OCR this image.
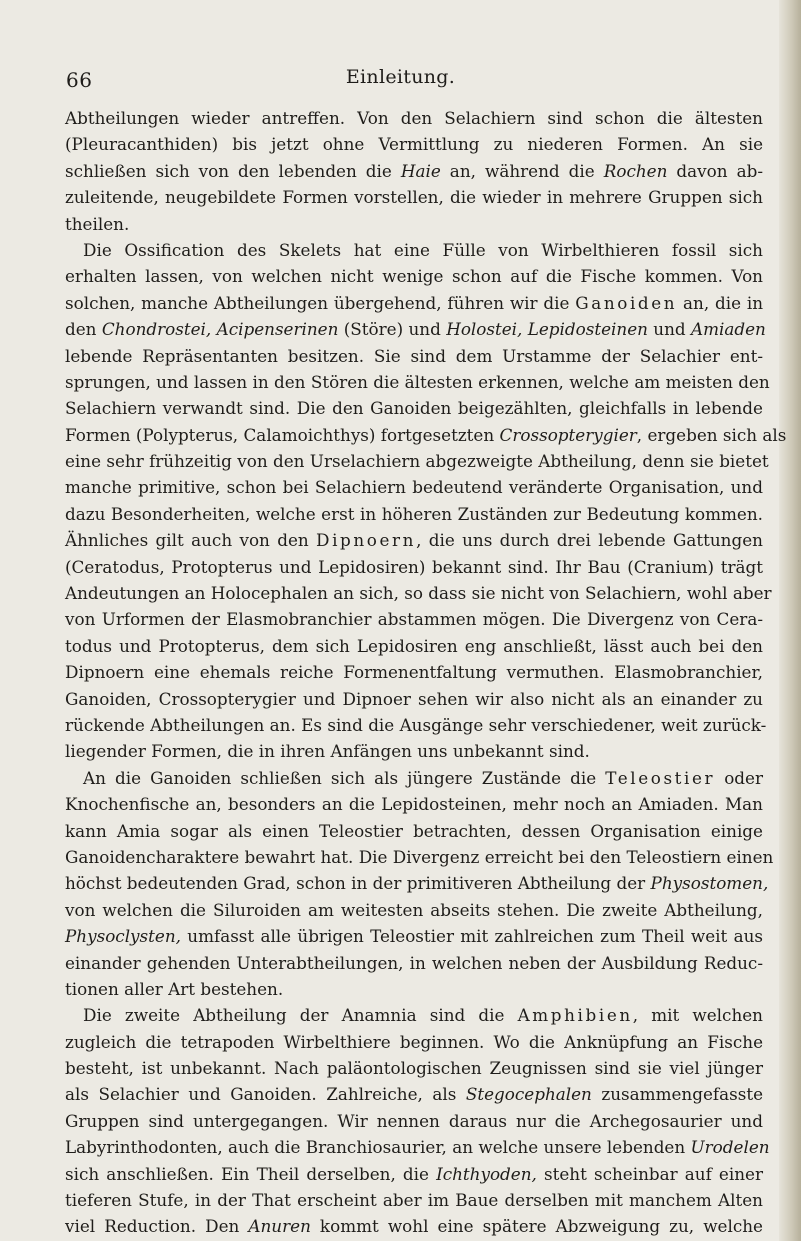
66	Einleitung.
Abtheilungen wieder antreffen. Von den Selachiern sind schon die ältesten
(Pleuracanthiden) bis jetzt ohne Vermittlung zu niederen Formen. An sie
schließen sich von den lebenden die Haie an, während die Rochen davon ab-
zuleitende, neugebildete Formen vorstellen, die wieder in mehrere Gruppen sich
theilen.
Die Ossification des Skelets hat eine Fülle von Wirbelthieren fossil sich
erhalten lassen, von welchen nicht wenige schon auf die Fische kommen. Von
solchen, manche Abtheilungen übergehend, führen wir die Ganoiden an, die in
den Chondrostei, Acipenserinen (Störe) und Holostei, Lepidosteinen und Amiaden
lebende Repräsentanten besitzen. Sie sind dem Urstamme der Selachier ent-
sprungen, und lassen in den Stören die ältesten erkennen, welche am meisten den
Selachiern verwandt sind. Die den Ganoiden beigezählten, gleichfalls in lebende
Formen (Polypterus, Calamoichthys) fortgesetzten Crossopterygier, ergeben sich als
eine sehr frühzeitig von den Urselachiern abgezweigte Abtheilung, denn sie bietet
manche primitive, schon bei Selachiern bedeutend veränderte Organisation, und
dazu Besonderheiten, welche erst in höheren Zuständen zur Bedeutung kommen.
Ähnliches gilt auch von den Dipnoern, die uns durch drei lebende Gattungen
(Ceratodus, Protopterus und Lepidosiren) bekannt sind. Ihr Bau (Cranium) trägt
Andeutungen an Holocephalen an sich, so dass sie nicht von Selachiern, wohl aber
von Urformen der Elasmobranchier abstammen mögen. Die Divergenz von Cera-
todus und Protopterus, dem sich Lepidosiren eng anschließt, lässt auch bei den
Dipnoern eine ehemals reiche Formenentfaltung vermuthen. Elasmobranchier,
Ganoiden, Crossopterygier und Dipnoer sehen wir also nicht als an einander zu
rückende Abtheilungen an. Es sind die Ausgänge sehr verschiedener, weit zurück-
liegender Formen, die in ihren Anfängen uns unbekannt sind.
An die Ganoiden schließen sich als jüngere Zustände die Teleostier oder
Knochenfische an, besonders an die Lepidosteinen, mehr noch an Amiaden. Man
kann Amia sogar als einen Teleostier betrachten, dessen Organisation einige
Ganoidencharaktere bewahrt hat. Die Divergenz erreicht bei den Teleostiern einen
höchst bedeutenden Grad, schon in der primitiveren Abtheilung der Physostomen,
von welchen die Siluroiden am weitesten abseits stehen. Die zweite Abtheilung,
Physoclysten, umfasst alle übrigen Teleostier mit zahlreichen zum Theil weit aus
einander gehenden Unterabtheilungen, in welchen neben der Ausbildung Reduc-
tionen aller Art bestehen.
Die zweite Abtheilung der Anamnia sind die Amphibien, mit welchen
zugleich die tetrapoden Wirbelthiere beginnen. Wo die Anknüpfung an Fische
besteht, ist unbekannt. Nach paläontologischen Zeugnissen sind sie viel jünger
als Selachier und Ganoiden. Zahlreiche, als Stegocephalen zusammengefasste
Gruppen sind untergegangen. Wir nennen daraus nur die Archegosaurier und
Labyrinthodonten, auch die Branchiosaurier, an welche unsere lebenden Urodelen
sich anschließen. Ein Theil derselben, die Ichthyoden, steht scheinbar auf einer
tieferen Stufe, in der That erscheint aber im Baue derselben mit manchem Alten
viel Reduction. Den Anuren kommt wohl eine spätere Abzweigung zu, welche
